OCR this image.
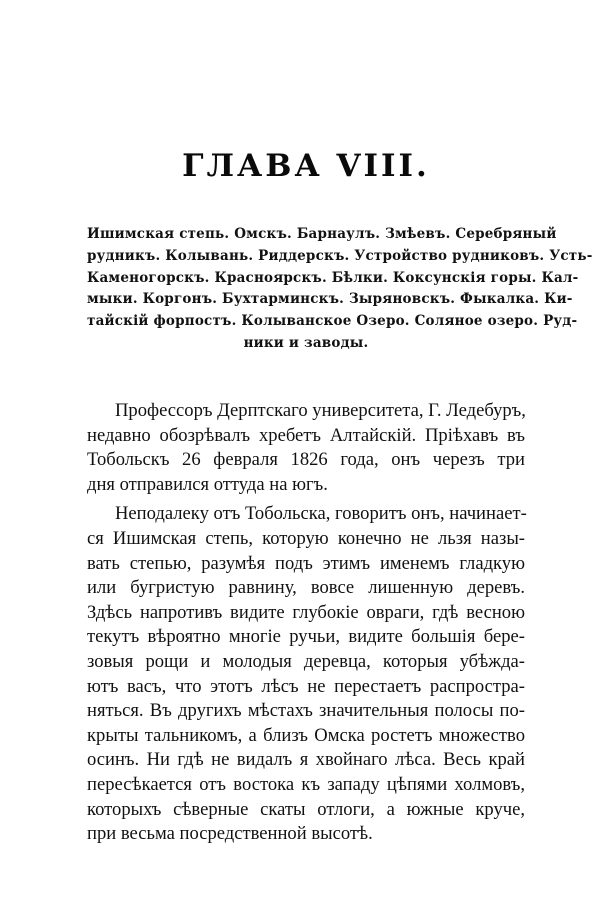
ГЛАВА VIII.
Ишимская степь. Омскъ. Барнаулъ. Змѣевъ. Серебряный
рудникъ. Колывань. Риддерскъ. Устройство рудниковъ. Усть-
Каменогорскъ. Красноярскъ. Бѣлки. Коксунскія горы. Кал-
мыки. Коргонъ. Бухтарминскъ. Зыряновскъ. Фыкалка. Ки-
тайскій форпостъ. Колыванское Озеро. Соляное озеро. Руд-
ники и заводы.
Профессоръ Дерптскаго университета, Г. Ледебуръ,
недавно обозрѣвалъ хребетъ Алтайскій. Пріѣхавъ въ
Тобольскъ 26 февраля 1826 года, онъ черезъ три
дня отправился оттуда на югъ.
Неподалеку отъ Тобольска, говоритъ онъ, начинает-
ся Ишимская степь, которую конечно не льзя назы-
вать степью, разумѣя подъ этимъ именемъ гладкую
или бугристую равнину, вовсе лишенную деревъ.
Здѣсь напротивъ видите глубокіе овраги, гдѣ весною
текутъ вѣроятно многіе ручьи, видите большія бере-
зовыя рощи и молодыя деревца, которыя убѣжда-
ютъ васъ, что этотъ лѣсъ не перестаетъ распростра-
няться. Въ другихъ мѣстахъ значительныя полосы по-
крыты тальникомъ, а близъ Омска ростетъ множество
осинъ. Ни гдѣ не видалъ я хвойнаго лѣса. Весь край
пересѣкается отъ востока къ западу цѣпями холмовъ,
которыхъ сѣверные скаты отлоги, а южные круче,
при весьма посредственной высотѣ.
